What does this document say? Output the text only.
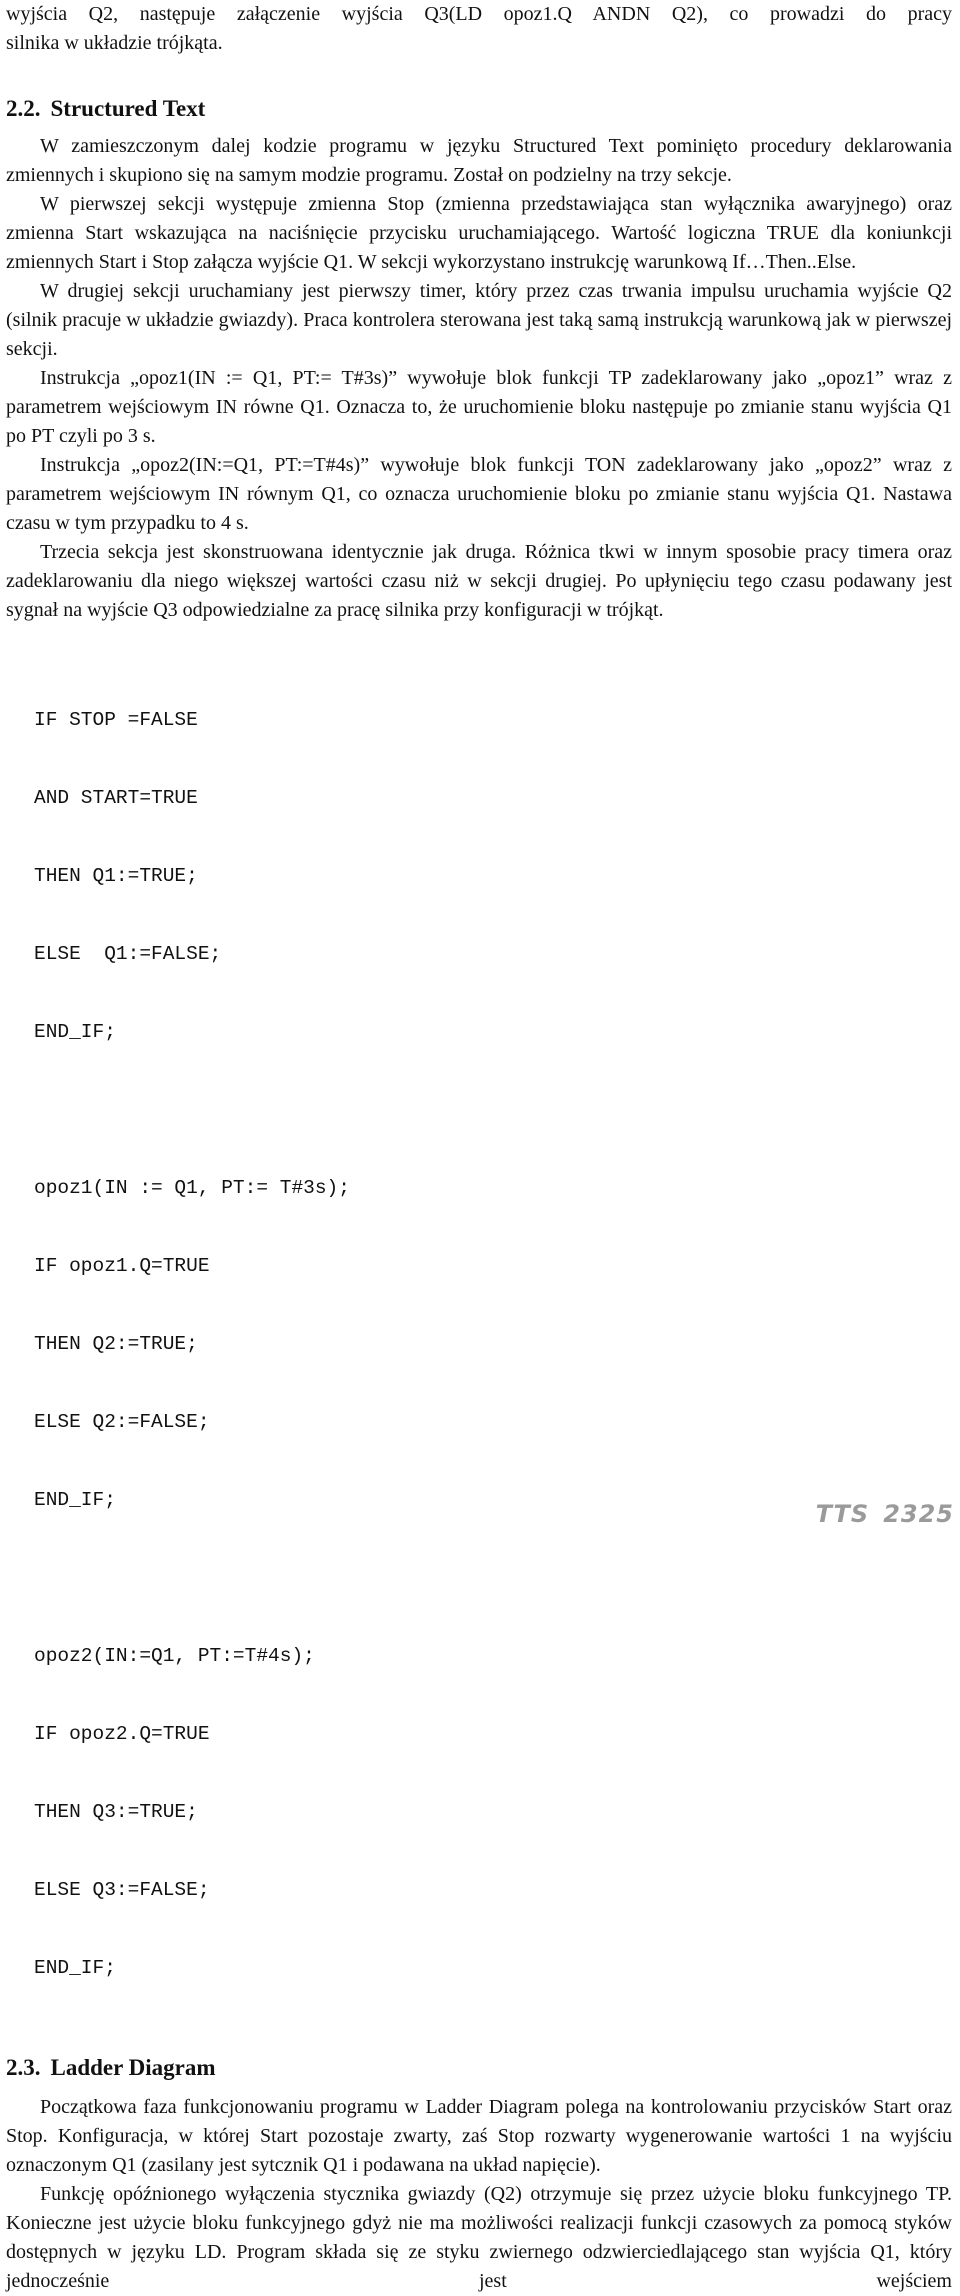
wyjścia Q2, następuje załączenie wyjścia Q3(LD opoz1.Q ANDN Q2), co prowadzi do pracy

silnika w układzie trójkąta.

2.2. Structured Text

W zamieszczonym dalej kodzie programu w języku Structured Text pominięto procedury deklarowania zmiennych i skupiono się na samym modzie programu. Został on podzielny na trzy sekcje.

W pierwszej sekcji występuje zmienna Stop (zmienna przedstawiająca stan wyłącznika awaryjnego) oraz zmienna Start wskazująca na naciśnięcie przycisku uruchamiającego. Wartość logiczna TRUE dla koniunkcji zmiennych Start i Stop załącza wyjście Q1. W sekcji wykorzystano instrukcję warunkową If…Then..Else.

W drugiej sekcji uruchamiany jest pierwszy timer, który przez czas trwania impulsu uruchamia wyjście Q2 (silnik pracuje w układzie gwiazdy). Praca kontrolera sterowana jest taką samą instrukcją warunkową jak w pierwszej sekcji.

Instrukcja „opoz1(IN := Q1, PT:= T#3s)” wywołuje blok funkcji TP zadeklarowany jako „opoz1” wraz z parametrem wejściowym IN równe Q1. Oznacza to, że uruchomienie bloku następuje po zmianie stanu wyjścia Q1 po PT czyli po 3 s.

Instrukcja „opoz2(IN:=Q1, PT:=T#4s)” wywołuje blok funkcji TON zadeklarowany jako „opoz2” wraz z parametrem wejściowym IN równym Q1, co oznacza uruchomienie bloku po zmianie stanu wyjścia Q1. Nastawa czasu w tym przypadku to 4 s.

Trzecia sekcja jest skonstruowana identycznie jak druga. Różnica tkwi w innym sposobie pracy timera oraz zadeklarowaniu dla niego większej wartości czasu niż w sekcji drugiej. Po upłynięciu tego czasu podawany jest sygnał na wyjście Q3 odpowiedzialne za pracę silnika przy konfiguracji w trójkąt.

IF STOP =FALSE

AND START=TRUE

THEN Q1:=TRUE;

ELSE  Q1:=FALSE;

END_IF;

opoz1(IN := Q1, PT:= T#3s);

IF opoz1.Q=TRUE

THEN Q2:=TRUE;

ELSE Q2:=FALSE;

END_IF;

opoz2(IN:=Q1, PT:=T#4s);

IF opoz2.Q=TRUE

THEN Q3:=TRUE;

ELSE Q3:=FALSE;

END_IF;

2.3. Ladder Diagram

Początkowa faza funkcjonowaniu programu w Ladder Diagram polega na kontrolowaniu przycisków Start oraz Stop. Konfiguracja, w której Start pozostaje zwarty, zaś Stop rozwarty wygenerowanie wartości 1 na wyjściu oznaczonym Q1 (zasilany jest sytcznik Q1 i podawana na układ napięcie).

Funkcję opóźnionego wyłączenia stycznika gwiazdy (Q2) otrzymuje się przez użycie bloku funkcyjnego TP. Konieczne jest użycie bloku funkcyjnego gdyż nie ma możliwości realizacji funkcji czasowych za pomocą styków dostępnych w języku LD. Program składa się ze styku zwiernego odzwierciedlającego stan wyjścia Q1, który jednocześnie jest wejściem

TTS 2325
